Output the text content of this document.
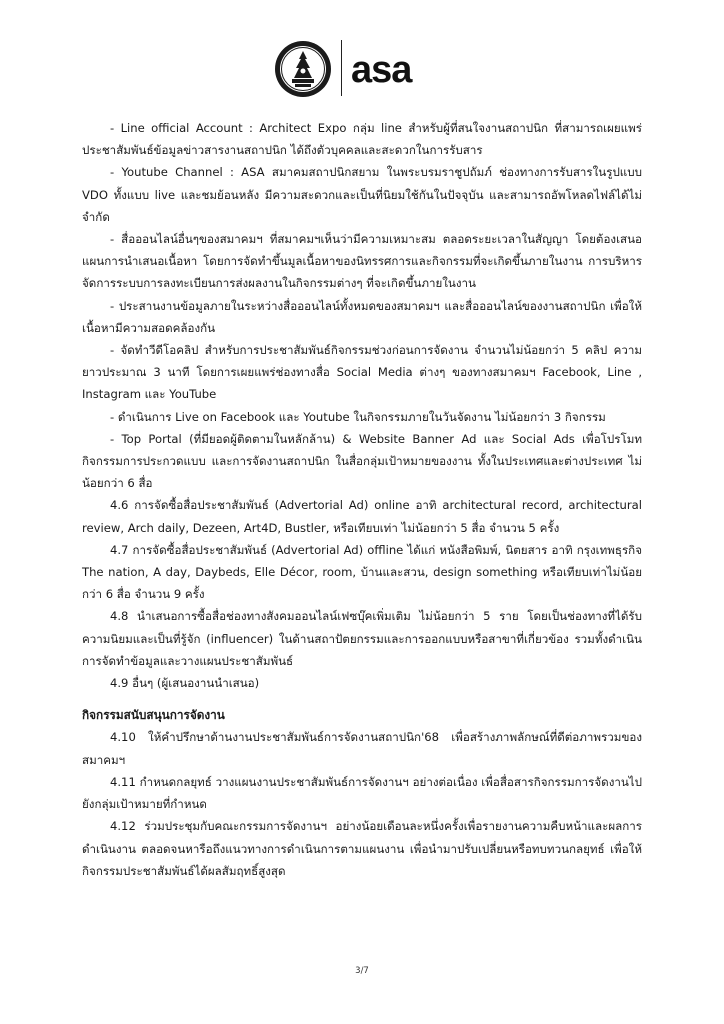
asa

- Line official Account : Architect Expo กลุ่ม line สำหรับผู้ที่สนใจงานสถาปนิก ที่สามารถเผยแพร่ประชาสัมพันธ์ข้อมูลข่าวสารงานสถาปนิก ได้ถึงตัวบุคคลและสะดวกในการรับสาร

- Youtube Channel : ASA สมาคมสถาปนิกสยาม ในพระบรมราชูปถัมภ์ ช่องทางการรับสารในรูปแบบ VDO ทั้งแบบ live และชมย้อนหลัง มีความสะดวกและเป็นที่นิยมใช้กันในปัจจุบัน และสามารถอัพโหลดไฟล์ได้ไม่จำกัด

- สื่อออนไลน์อื่นๆของสมาคมฯ ที่สมาคมฯเห็นว่ามีความเหมาะสม ตลอดระยะเวลาในสัญญา โดยต้องเสนอแผนการนำเสนอเนื้อหา โดยการจัดทำขึ้นมูลเนื้อหาของนิทรรศการและกิจกรรมที่จะเกิดขึ้นภายในงาน การบริหารจัดการระบบการลงทะเบียนการส่งผลงานในกิจกรรมต่างๆ ที่จะเกิดขึ้นภายในงาน

- ประสานงานข้อมูลภายในระหว่างสื่อออนไลน์ทั้งหมดของสมาคมฯ และสื่อออนไลน์ของงานสถาปนิก เพื่อให้เนื้อหามีความสอดคล้องกัน

- จัดทำวีดีโอคลิป สำหรับการประชาสัมพันธ์กิจกรรมช่วงก่อนการจัดงาน จำนวนไม่น้อยกว่า 5 คลิป ความยาวประมาณ 3 นาที โดยการเผยแพร่ช่องทางสื่อ Social Media ต่างๆ ของทางสมาคมฯ Facebook, Line , Instagram และ YouTube

- ดำเนินการ Live on Facebook และ Youtube ในกิจกรรมภายในวันจัดงาน ไม่น้อยกว่า 3 กิจกรรม

- Top Portal (ที่มียอดผู้ติดตามในหลักล้าน) & Website Banner Ad และ Social Ads เพื่อโปรโมทกิจกรรมการประกวดแบบ และการจัดงานสถาปนิก ในสื่อกลุ่มเป้าหมายของงาน ทั้งในประเทศและต่างประเทศ ไม่น้อยกว่า 6 สื่อ

4.6 การจัดซื้อสื่อประชาสัมพันธ์ (Advertorial Ad) online อาทิ architectural record, architectural review, Arch daily, Dezeen, Art4D, Bustler, หรือเทียบเท่า ไม่น้อยกว่า 5 สื่อ จำนวน 5 ครั้ง

4.7 การจัดซื้อสื่อประชาสัมพันธ์ (Advertorial Ad) offline ได้แก่ หนังสือพิมพ์, นิตยสาร อาทิ กรุงเทพธุรกิจ The nation, A day, Daybeds, Elle Décor, room, บ้านและสวน, design something หรือเทียบเท่าไม่น้อยกว่า 6 สื่อ จำนวน 9 ครั้ง

4.8 นำเสนอการซื้อสื่อช่องทางสังคมออนไลน์เฟซบุ๊คเพิ่มเติม ไม่น้อยกว่า 5 ราย โดยเป็นช่องทางที่ได้รับความนิยมและเป็นที่รู้จัก (influencer) ในด้านสถาปัตยกรรมและการออกแบบหรือสาขาที่เกี่ยวข้อง รวมทั้งดำเนินการจัดทำข้อมูลและวางแผนประชาสัมพันธ์

4.9 อื่นๆ (ผู้เสนองานนำเสนอ)

กิจกรรมสนับสนุนการจัดงาน

4.10 ให้คำปรึกษาด้านงานประชาสัมพันธ์การจัดงานสถาปนิก'68 เพื่อสร้างภาพลักษณ์ที่ดีต่อภาพรวมของสมาคมฯ

4.11 กำหนดกลยุทธ์ วางแผนงานประชาสัมพันธ์การจัดงานฯ อย่างต่อเนื่อง เพื่อสื่อสารกิจกรรมการจัดงานไปยังกลุ่มเป้าหมายที่กำหนด

4.12 ร่วมประชุมกับคณะกรรมการจัดงานฯ อย่างน้อยเดือนละหนึ่งครั้งเพื่อรายงานความคืบหน้าและผลการดำเนินงาน ตลอดจนหารือถึงแนวทางการดำเนินการตามแผนงาน เพื่อนำมาปรับเปลี่ยนหรือทบทวนกลยุทธ์ เพื่อให้กิจกรรมประชาสัมพันธ์ได้ผลสัมฤทธิ์สูงสุด

3/7
